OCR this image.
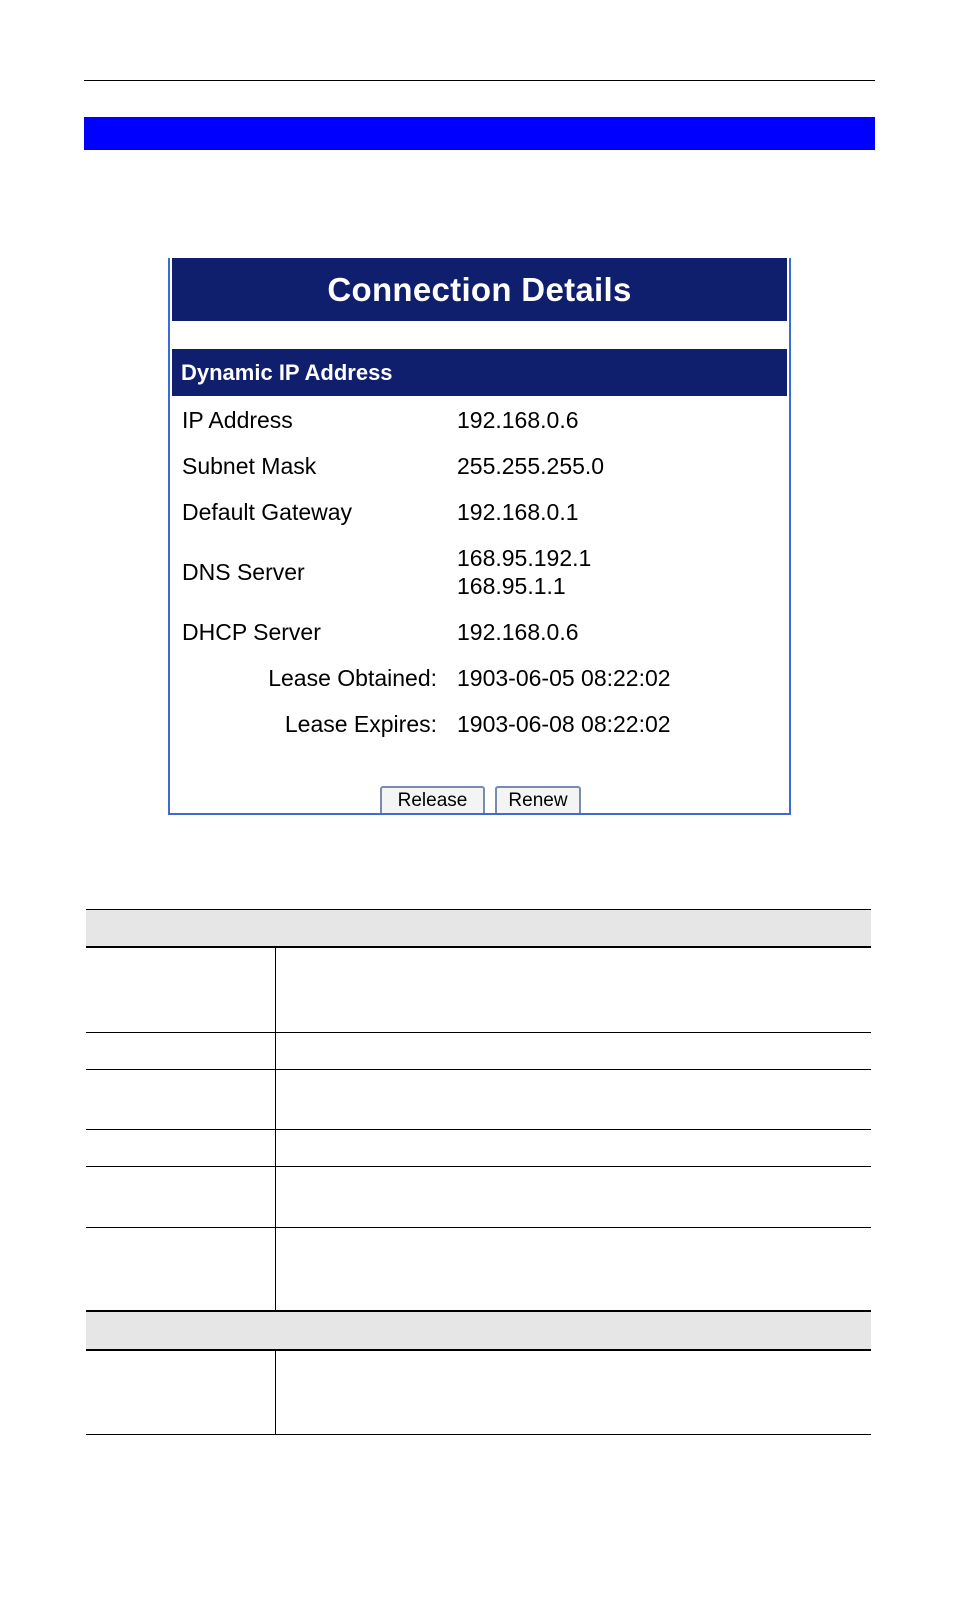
Connection Details
Dynamic IP Address
IP Address	192.168.0.6
Subnet Mask	255.255.255.0
Default Gateway	192.168.0.1
DNS Server
168.95.192.1
168.95.1.1
DHCP Server	192.168.0.6
Lease Obtained: 1903-06-05 08:22:02
Lease Expires: 1903-06-08 08:22:02
Release	Renew
